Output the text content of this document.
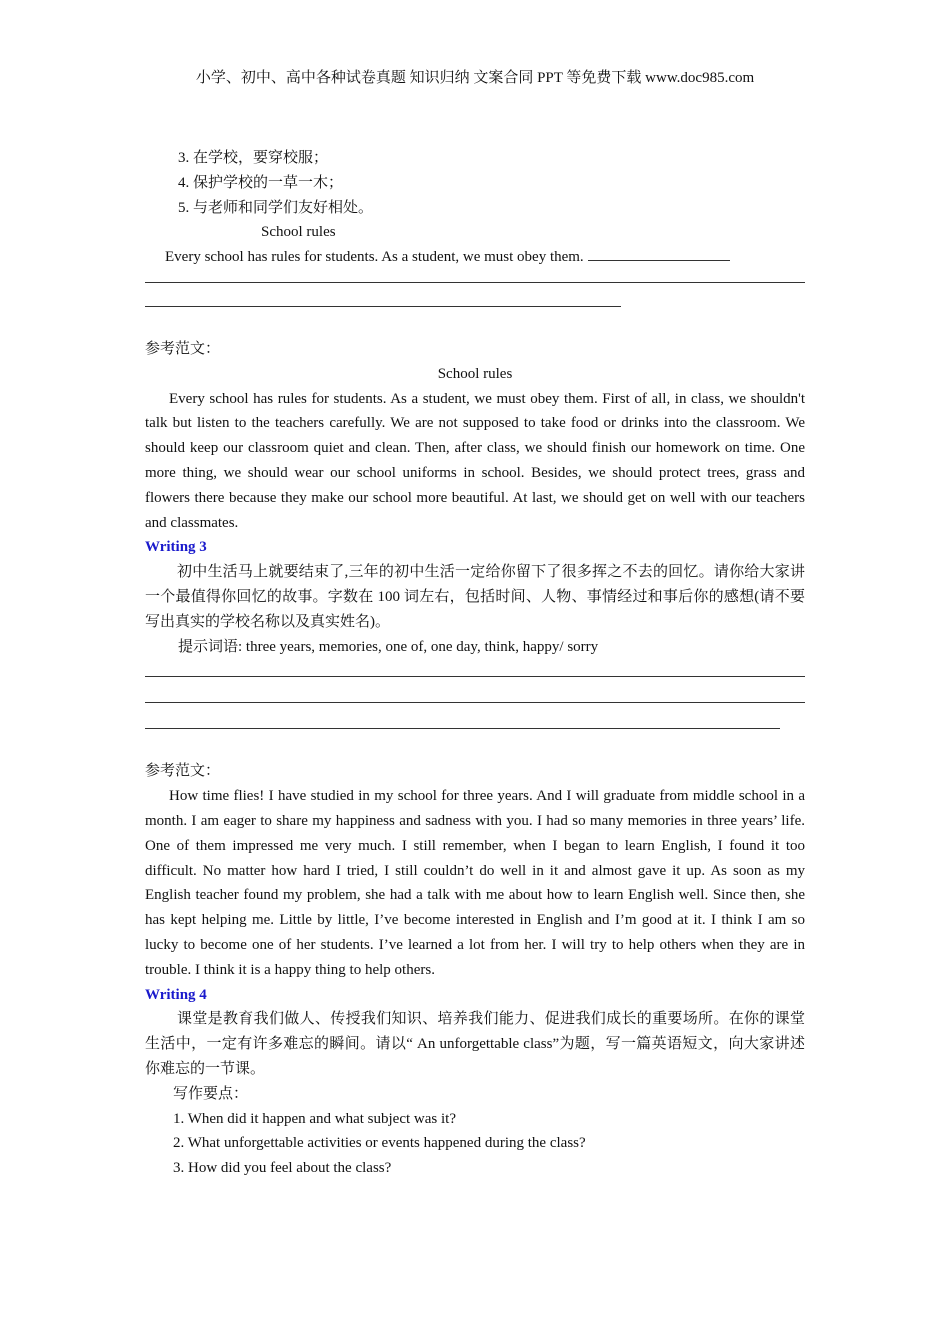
小学、初中、高中各种试卷真题 知识归纳 文案合同 PPT 等免费下载 www.doc985.com
3. 在学校，要穿校服；
4. 保护学校的一草一木；
5. 与老师和同学们友好相处。
School rules
Every school has rules for students. As a student, we must obey them.
参考范文：
School rules
Every school has rules for students. As a student, we must obey them. First of all, in class, we shouldn't talk but listen to the teachers carefully. We are not supposed to take food or drinks into the classroom. We should keep our classroom quiet and clean. Then, after class, we should finish our homework on time. One more thing, we should wear our school uniforms in school. Besides, we should protect trees, grass and flowers there because they make our school more beautiful. At last, we should get on well with our teachers and classmates.
Writing 3
初中生活马上就要结束了,三年的初中生活一定给你留下了很多挥之不去的回忆。请你给大家讲一个最值得你回忆的故事。字数在 100 词左右，包括时间、人物、事情经过和事后你的感想(请不要写出真实的学校名称以及真实姓名)。
提示词语: three years, memories, one of, one day, think, happy/ sorry
参考范文：
How time flies! I have studied in my school for three years. And I will graduate from middle school in a month. I am eager to share my happiness and sadness with you. I had so many memories in three years’ life. One of them impressed me very much. I still remember, when I began to learn English, I found it too difficult. No matter how hard I tried, I still couldn’t do well in it and almost gave it up. As soon as my English teacher found my problem, she had a talk with me about how to learn English well. Since then, she has kept helping me. Little by little, I’ve become interested in English and I’m good at it. I think I am so lucky to become one of her students. I’ve learned a lot from her. I will try to help others when they are in trouble. I think it is a happy thing to help others.
Writing 4
课堂是教育我们做人、传授我们知识、培养我们能力、促进我们成长的重要场所。在你的课堂生活中，一定有许多难忘的瞬间。请以“ An unforgettable class”为题，写一篇英语短文，向大家讲述你难忘的一节课。
写作要点：
1. When did it happen and what subject was it?
2. What unforgettable activities or events happened during the class?
3. How did you feel about the class?
